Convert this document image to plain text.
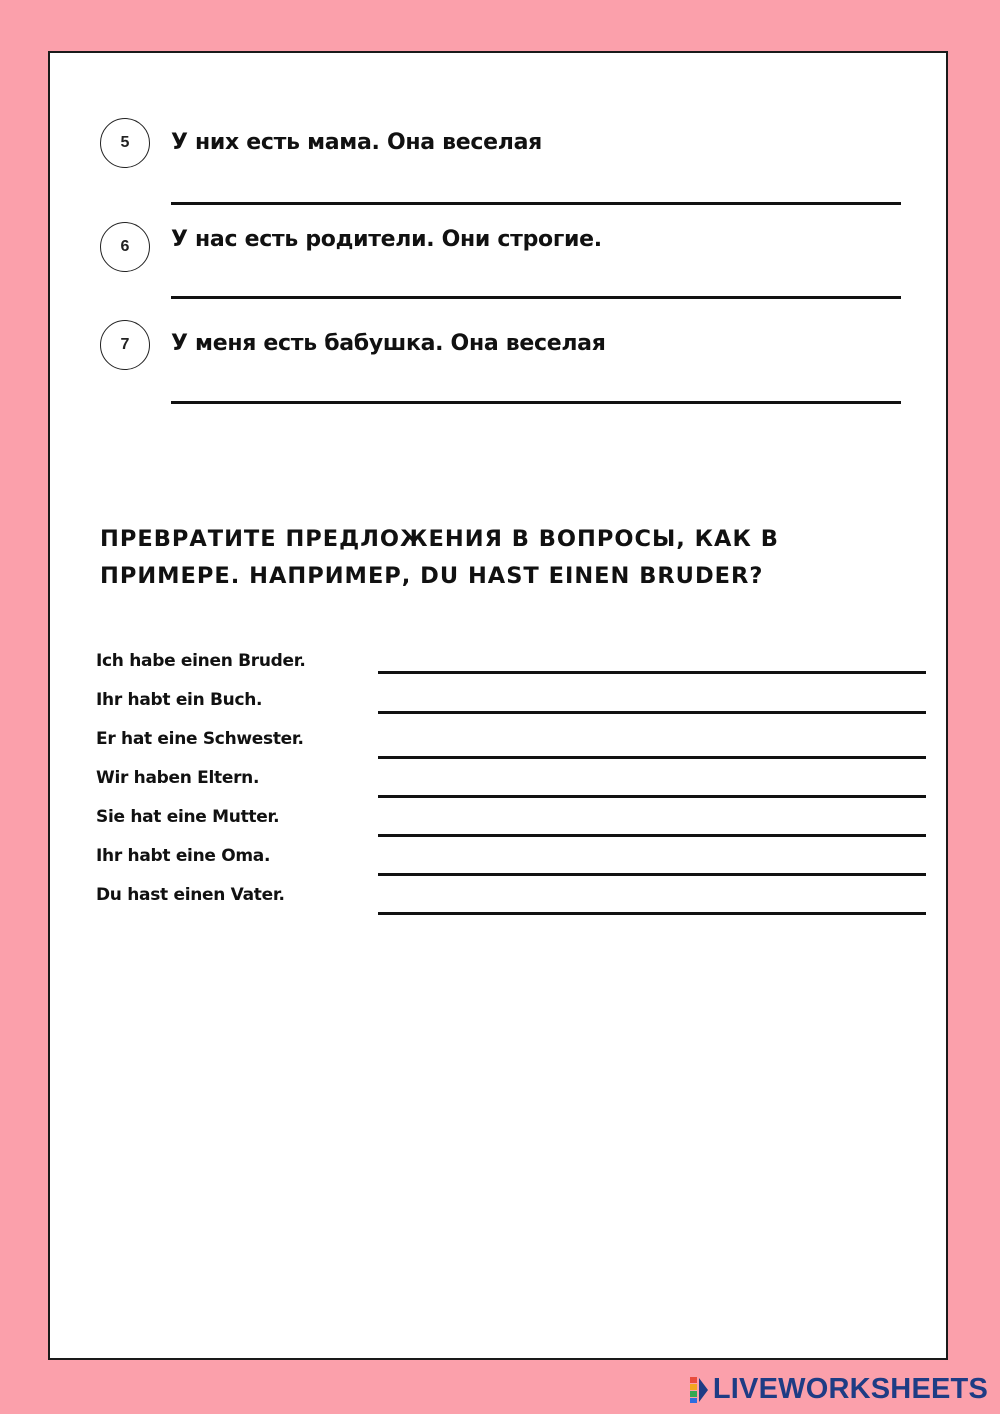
5	У них есть мама. Она веселая
6	У нас есть родители. Они строгие.
7	У меня есть бабушка. Она веселая
ПРЕВРАТИТЕ ПРЕДЛОЖЕНИЯ В ВОПРОСЫ, КАК В
ПРИМЕРЕ. НАПРИМЕР, DU HAST EINEN BRUDER?
Ich habe einen Bruder.
Ihr habt ein Buch.
Er hat eine Schwester.
Wir haben Eltern.
Sie hat eine Mutter.
Ihr habt eine Oma.
Du hast einen Vater.
LIVEWORKSHEETS
